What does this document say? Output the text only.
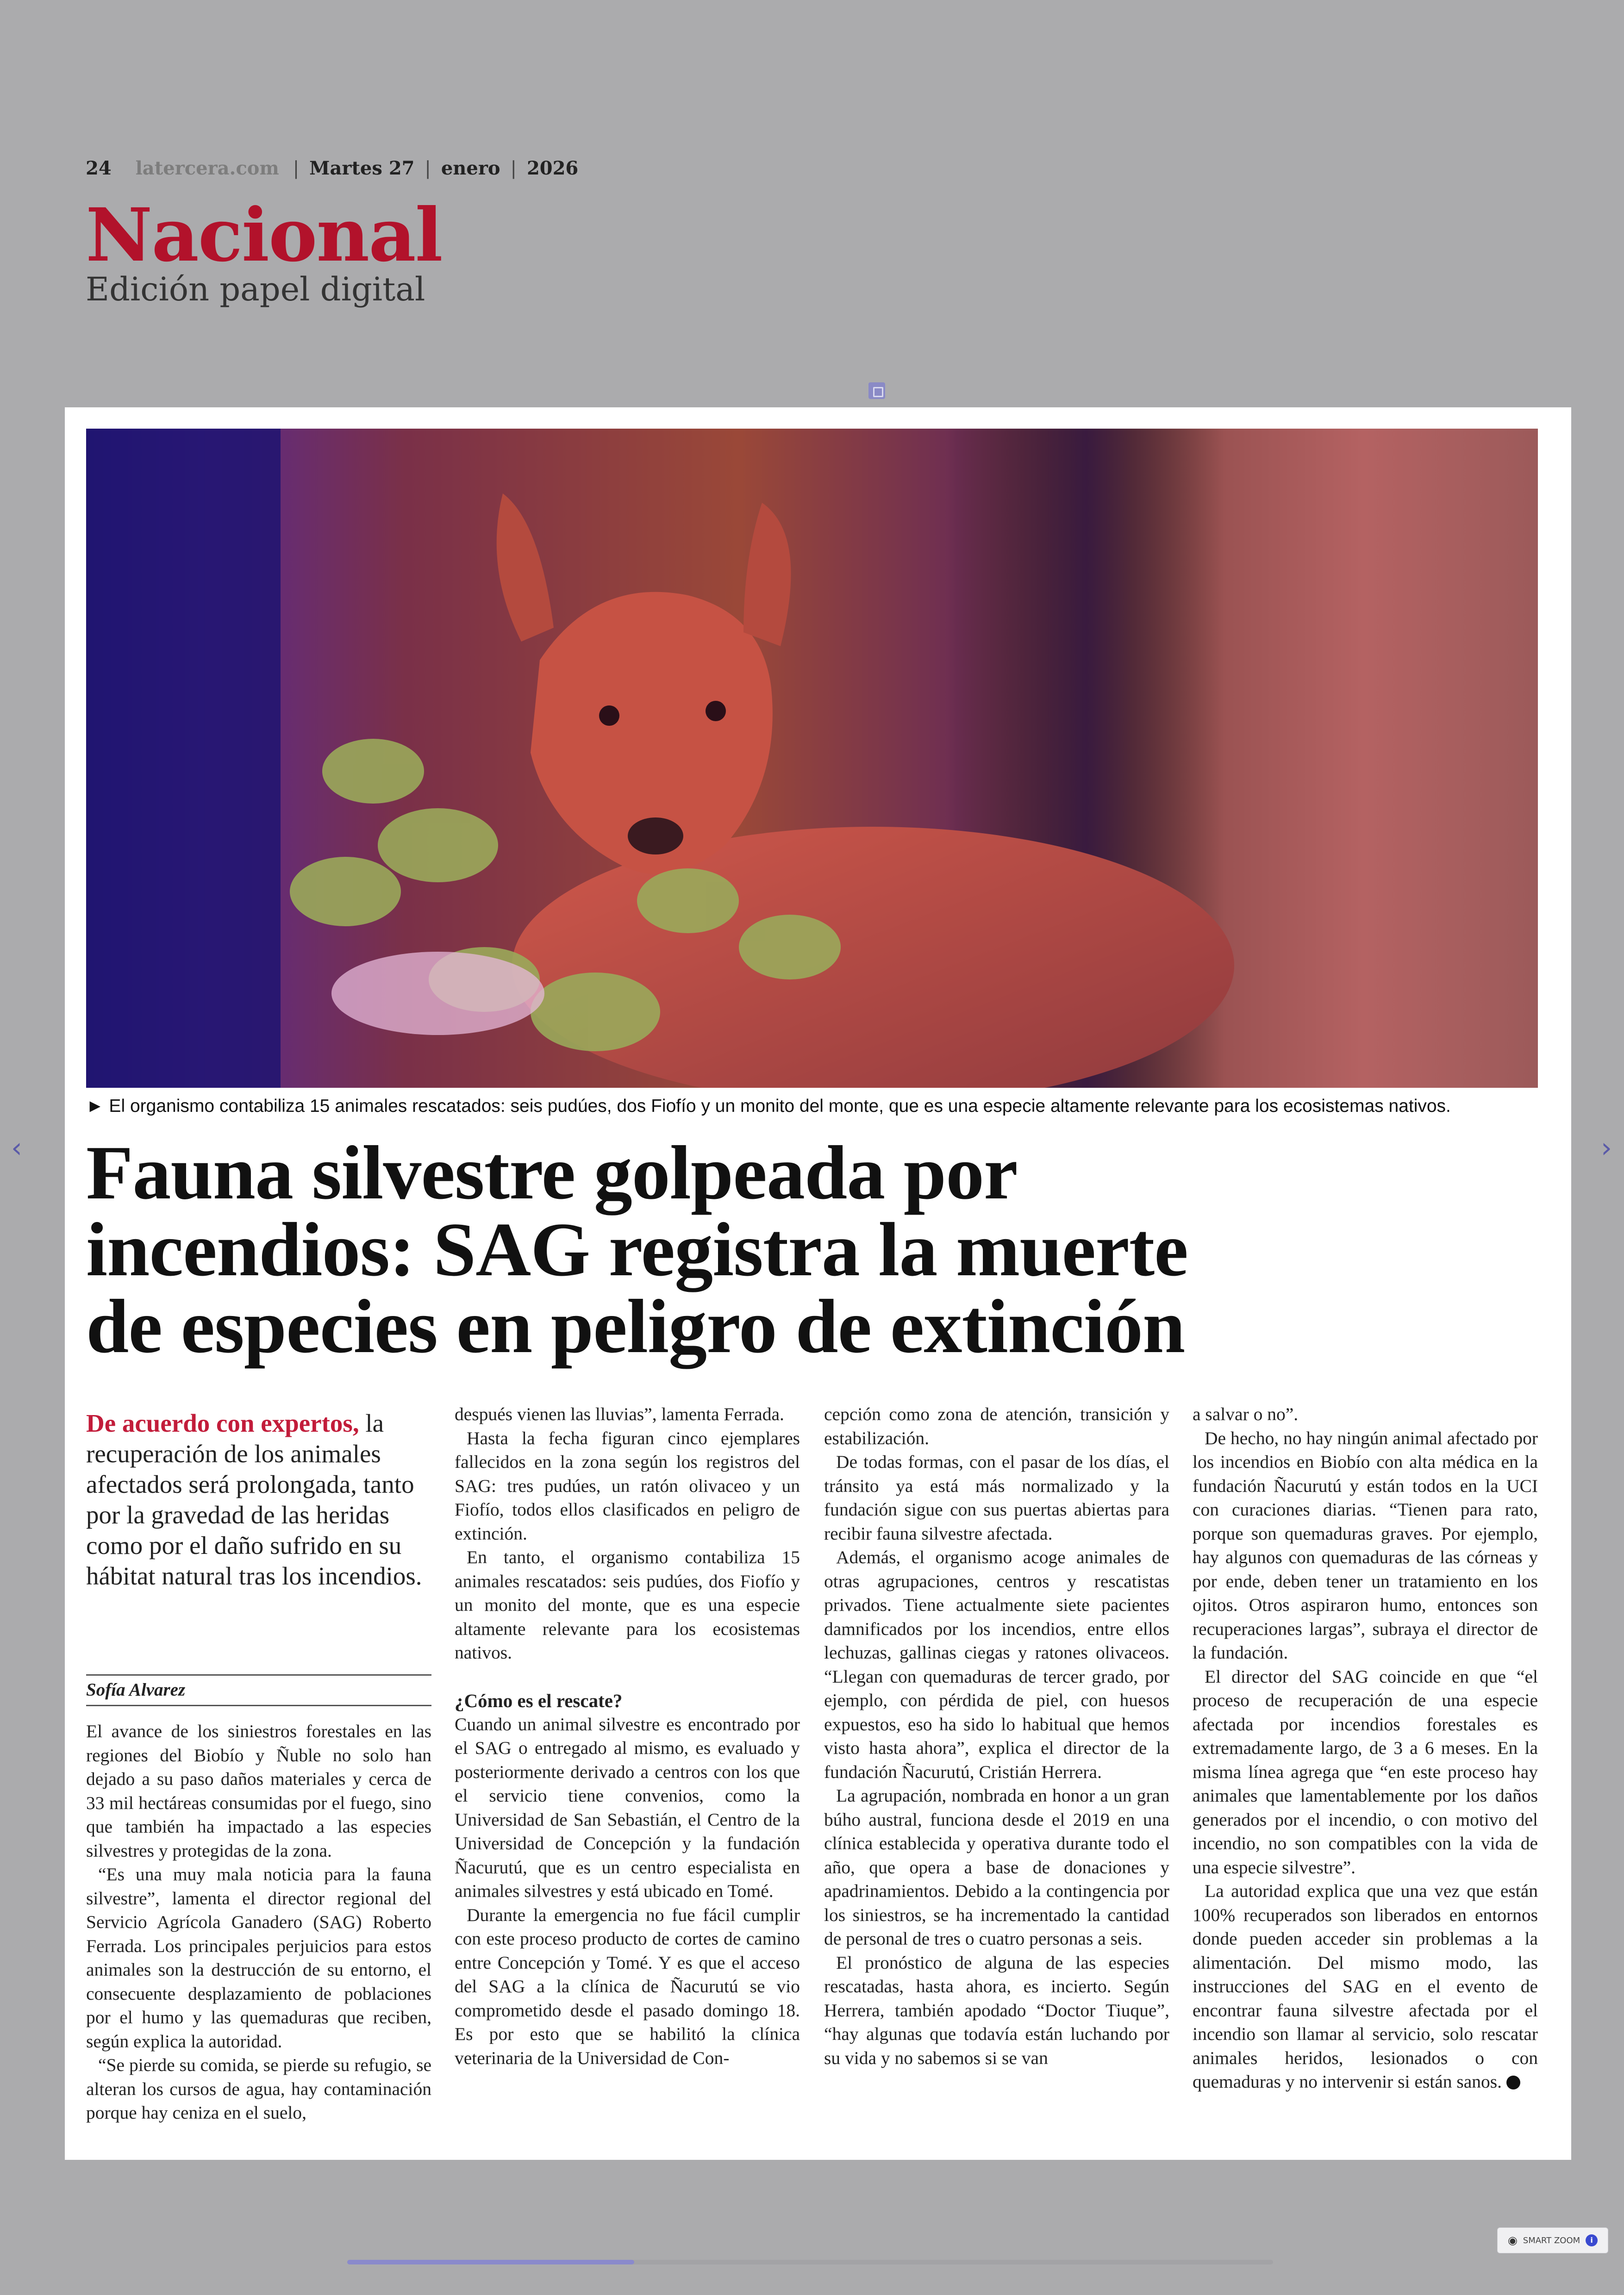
24 latercera.com | Martes 27 | enero | 2026
Nacional
Edición papel digital
‹	›
► El organismo contabiliza 15 animales rescatados: seis pudúes, dos Fiofío y un monito del monte, que es una especie altamente relevante para los ecosistemas nativos.
Fauna silvestre golpeada por
incendios: SAG registra la muerte
de especies en peligro de extinción
De acuerdo con expertos, la recuperación de los animales afectados será prolongada, tanto por la gravedad de las heridas como por el daño sufrido en su hábitat natural tras los incendios.
Sofía Alvarez

El avance de los siniestros forestales en las regiones del Biobío y Ñuble no solo han dejado a su paso daños materiales y cerca de 33 mil hectáreas consumidas por el fuego, sino que también ha impactado a las especies silvestres y protegidas de la zona.

“Es una muy mala noticia para la fauna silvestre”, lamenta el director regional del Servicio Agrícola Ganadero (SAG) Roberto Ferrada. Los principales perjuicios para estos animales son la destrucción de su entorno, el consecuente desplazamiento de poblaciones por el humo y las quemaduras que reciben, según explica la autoridad.

“Se pierde su comida, se pierde su refugio, se alteran los cursos de agua, hay contaminación porque hay ceniza en el suelo,

después vienen las lluvias”, lamenta Ferrada.

Hasta la fecha figuran cinco ejemplares fallecidos en la zona según los registros del SAG: tres pudúes, un ratón olivaceo y un Fiofío, todos ellos clasificados en peligro de extinción.

En tanto, el organismo contabiliza 15 animales rescatados: seis pudúes, dos Fiofío y un monito del monte, que es una especie altamente relevante para los ecosistemas nativos.

¿Cómo es el rescate?

Cuando un animal silvestre es encontrado por el SAG o entregado al mismo, es evaluado y posteriormente derivado a centros con los que el servicio tiene convenios, como la Universidad de San Sebastián, el Centro de la Universidad de Concepción y la fundación Ñacurutú, que es un centro especialista en animales silvestres y está ubicado en Tomé.

Durante la emergencia no fue fácil cumplir con este proceso producto de cortes de camino entre Concepción y Tomé. Y es que el acceso del SAG a la clínica de Ñacurutú se vio comprometido desde el pasado domingo 18. Es por esto que se habilitó la clínica veterinaria de la Universidad de Con-

cepción como zona de atención, transición y estabilización.

De todas formas, con el pasar de los días, el tránsito ya está más normalizado y la fundación sigue con sus puertas abiertas para recibir fauna silvestre afectada.

Además, el organismo acoge animales de otras agrupaciones, centros y rescatistas privados. Tiene actualmente siete pacientes damnificados por los incendios, entre ellos lechuzas, gallinas ciegas y ratones olivaceos. “Llegan con quemaduras de tercer grado, por ejemplo, con pérdida de piel, con huesos expuestos, eso ha sido lo habitual que hemos visto hasta ahora”, explica el director de la fundación Ñacurutú, Cristián Herrera.

La agrupación, nombrada en honor a un gran búho austral, funciona desde el 2019 en una clínica establecida y operativa durante todo el año, que opera a base de donaciones y apadrinamientos. Debido a la contingencia por los siniestros, se ha incrementado la cantidad de personal de tres o cuatro personas a seis.

El pronóstico de alguna de las especies rescatadas, hasta ahora, es incierto. Según Herrera, también apodado “Doctor Tiuque”, “hay algunas que todavía están luchando por su vida y no sabemos si se van

a salvar o no”.

De hecho, no hay ningún animal afectado por los incendios en Biobío con alta médica en la fundación Ñacurutú y están todos en la UCI con curaciones diarias. “Tienen para rato, porque son quemaduras graves. Por ejemplo, hay algunos con quemaduras de las córneas y por ende, deben tener un tratamiento en los ojitos. Otros aspiraron humo, entonces son recuperaciones largas”, subraya el director de la fundación.

El director del SAG coincide en que “el proceso de recuperación de una especie afectada por incendios forestales es extremadamente largo, de 3 a 6 meses. En la misma línea agrega que “en este proceso hay animales que lamentablemente por los daños generados por el incendio, o con motivo del incendio, no son compatibles con la vida de una especie silvestre”.

La autoridad explica que una vez que están 100% recuperados son liberados en entornos donde pueden acceder sin problemas a la alimentación. Del mismo modo, las instrucciones del SAG en el evento de encontrar fauna silvestre afectada por el incendio son llamar al servicio, solo rescatar animales heridos, lesionados o con quemaduras y no intervenir si están sanos.

◉ SMART ZOOM	i
